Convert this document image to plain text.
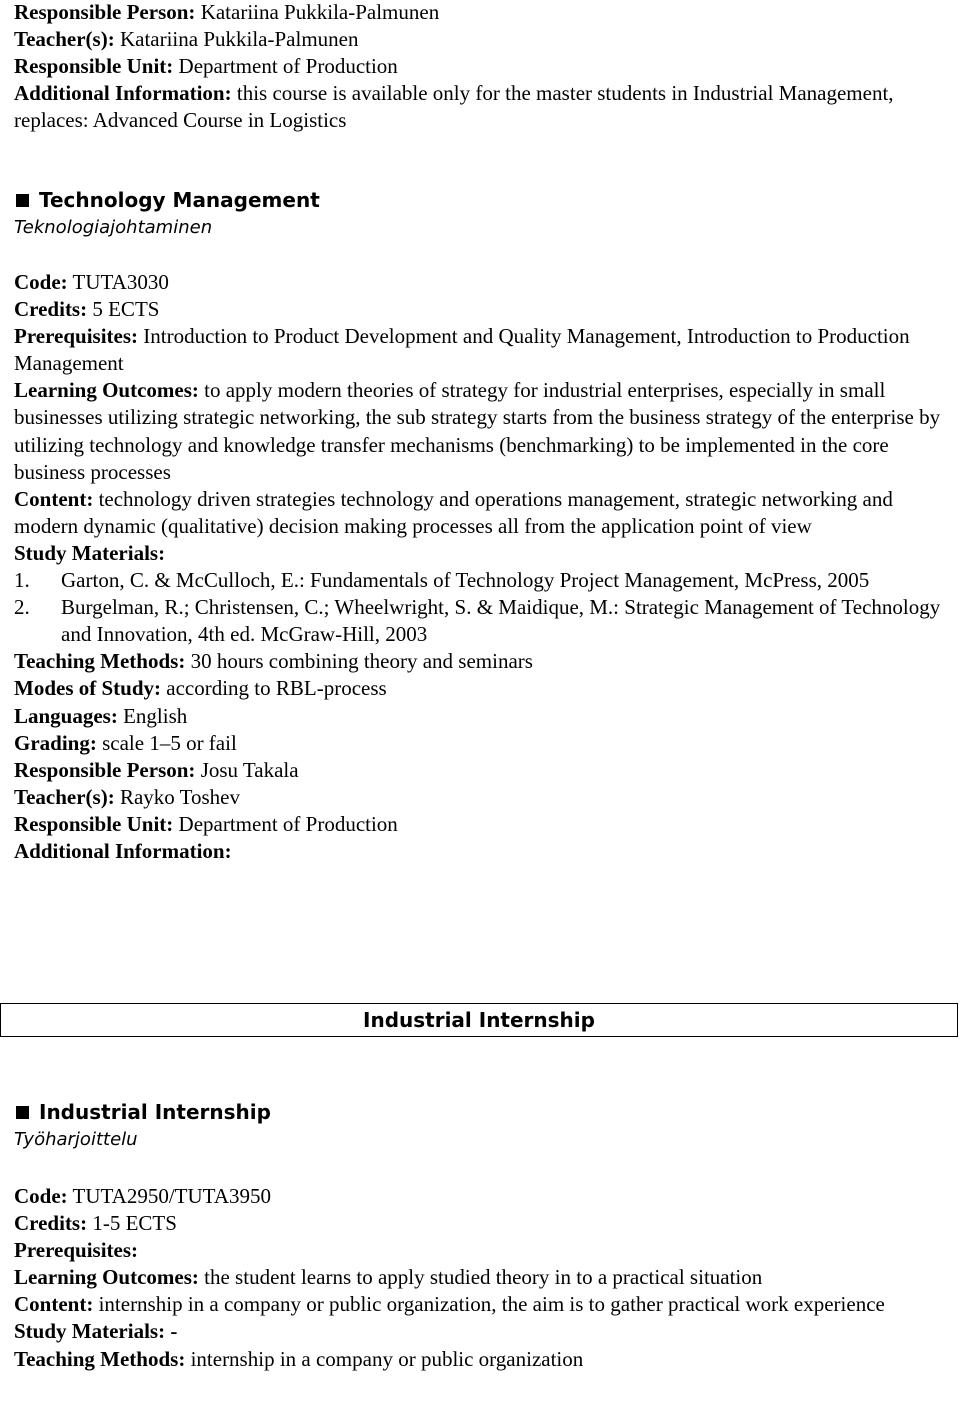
Responsible Person: Katariina Pukkila-Palmunen

Teacher(s): Katariina Pukkila-Palmunen

Responsible Unit: Department of Production

Additional Information: this course is available only for the master students in Industrial Management, replaces: Advanced Course in Logistics

Technology Management

Teknologiajohtaminen

Code: TUTA3030

Credits: 5 ECTS

Prerequisites: Introduction to Product Development and Quality Management, Introduction to Production Management

Learning Outcomes: to apply modern theories of strategy for industrial enterprises, especially in small businesses utilizing strategic networking, the sub strategy starts from the business strategy of the enterprise by utilizing technology and knowledge transfer mechanisms (benchmarking) to be implemented in the core business processes

Content: technology driven strategies technology and operations management, strategic networking and modern dynamic (qualitative) decision making processes all from the application point of view

Study Materials:

1. Garton, C. & McCulloch, E.: Fundamentals of Technology Project Management, McPress, 2005
2. Burgelman, R.; Christensen, C.; Wheelwright, S. & Maidique, M.: Strategic Management of Technology and Innovation, 4th ed. McGraw-Hill, 2003

Teaching Methods: 30 hours combining theory and seminars

Modes of Study: according to RBL-process

Languages: English

Grading: scale 1–5 or fail

Responsible Person: Josu Takala

Teacher(s): Rayko Toshev

Responsible Unit: Department of Production

Additional Information:

Industrial Internship
Industrial Internship

Työharjoittelu

Code: TUTA2950/TUTA3950

Credits: 1-5 ECTS

Prerequisites:

Learning Outcomes: the student learns to apply studied theory in to a practical situation

Content: internship in a company or public organization, the aim is to gather practical work experience

Study Materials: -

Teaching Methods: internship in a company or public organization
